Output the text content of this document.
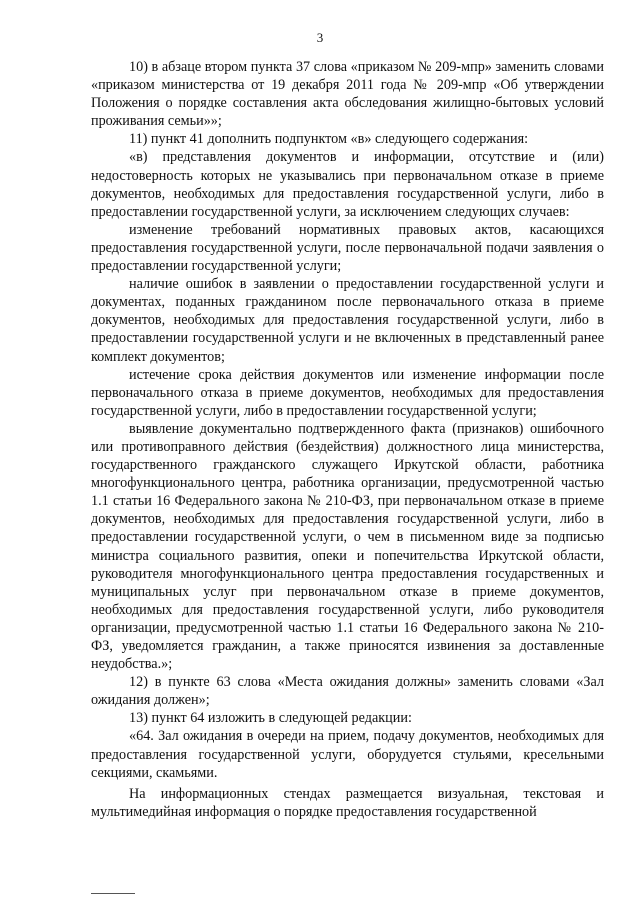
3

10) в абзаце втором пункта 37 слова «приказом № 209-мпр» заменить словами «приказом министерства от 19 декабря 2011 года № 209-мпр «Об утверждении Положения о порядке составления акта обследования жилищно-бытовых условий проживания семьи»»;

11) пункт 41 дополнить подпунктом «в» следующего содержания:

«в) представления документов и информации, отсутствие и (или) недостоверность которых не указывались при первоначальном отказе в приеме документов, необходимых для предоставления государственной услуги, либо в предоставлении государственной услуги, за исключением следующих случаев:

изменение требований нормативных правовых актов, касающихся предоставления государственной услуги, после первоначальной подачи заявления о предоставлении государственной услуги;

наличие ошибок в заявлении о предоставлении государственной услуги и документах, поданных гражданином после первоначального отказа в приеме документов, необходимых для предоставления государственной услуги, либо в предоставлении государственной услуги и не включенных в представленный ранее комплект документов;

истечение срока действия документов или изменение информации после первоначального отказа в приеме документов, необходимых для предоставления государственной услуги, либо в предоставлении государственной услуги;

выявление документально подтвержденного факта (признаков) ошибочного или противоправного действия (бездействия) должностного лица министерства, государственного гражданского служащего Иркутской области, работника многофункционального центра, работника организации, предусмотренной частью 1.1 статьи 16 Федерального закона № 210-ФЗ, при первоначальном отказе в приеме документов, необходимых для предоставления государственной услуги, либо в предоставлении государственной услуги, о чем в письменном виде за подписью министра социального развития, опеки и попечительства Иркутской области, руководителя многофункционального центра предоставления государственных и муниципальных услуг при первоначальном отказе в приеме документов, необходимых для предоставления государственной услуги, либо руководителя организации, предусмотренной частью 1.1 статьи 16 Федерального закона № 210-ФЗ, уведомляется гражданин, а также приносятся извинения за доставленные неудобства.»;

12) в пункте 63 слова «Места ожидания должны» заменить словами «Зал ожидания должен»;

13) пункт 64 изложить в следующей редакции:

«64. Зал ожидания в очереди на прием, подачу документов, необходимых для предоставления государственной услуги, оборудуется стульями, кресельными секциями, скамьями.

На информационных стендах размещается визуальная, текстовая и мультимедийная информация о порядке предоставления государственной
